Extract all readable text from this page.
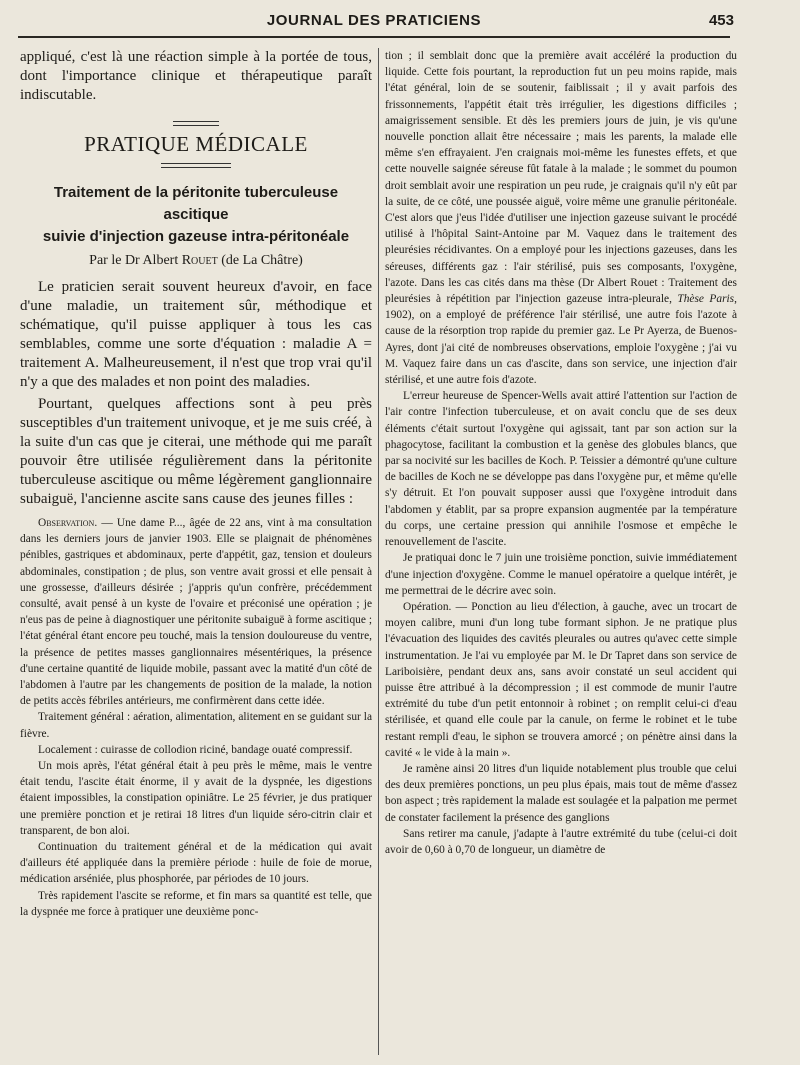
JOURNAL DES PRATICIENS	453

appliqué, c'est là une réaction simple à la portée de tous, dont l'importance clinique et thérapeutique paraît indiscutable.

PRATIQUE MÉDICALE
Traitement de la péritonite tuberculeuse ascitique
suivie d'injection gazeuse intra-péritonéale
Par le Dr Albert Rouet (de La Châtre)

Le praticien serait souvent heureux d'avoir, en face d'une maladie, un traitement sûr, méthodique et schématique, qu'il puisse appliquer à tous les cas semblables, comme une sorte d'équation : maladie A = traitement A. Malheureusement, il n'est que trop vrai qu'il n'y a que des malades et non point des maladies.

Pourtant, quelques affections sont à peu près susceptibles d'un traitement univoque, et je me suis créé, à la suite d'un cas que je citerai, une méthode qui me paraît pouvoir être utilisée régulièrement dans la péritonite tuberculeuse ascitique ou même légèrement ganglionnaire subaiguë, l'ancienne ascite sans cause des jeunes filles :

Observation. — Une dame P..., âgée de 22 ans, vint à ma consultation dans les derniers jours de janvier 1903. Elle se plaignait de phénomènes pénibles, gastriques et abdominaux, perte d'appétit, gaz, tension et douleurs abdominales, constipation ; de plus, son ventre avait grossi et elle pensait à une grossesse, d'ailleurs désirée ; j'appris qu'un confrère, précédemment consulté, avait pensé à un kyste de l'ovaire et préconisé une opération ; je n'eus pas de peine à diagnostiquer une péritonite subaiguë à forme ascitique ; l'état général étant encore peu touché, mais la tension douloureuse du ventre, la présence de petites masses ganglionnaires mésentériques, la présence d'une certaine quantité de liquide mobile, passant avec la matité d'un côté de l'abdomen à l'autre par les changements de position de la malade, la notion de petits accès fébriles antérieurs, me confirmèrent dans cette idée.

Traitement général : aération, alimentation, alitement en se guidant sur la fièvre.

Localement : cuirasse de collodion riciné, bandage ouaté compressif.

Un mois après, l'état général était à peu près le même, mais le ventre était tendu, l'ascite était énorme, il y avait de la dyspnée, les digestions étaient impossibles, la constipation opiniâtre. Le 25 février, je dus pratiquer une première ponction et je retirai 18 litres d'un liquide séro-citrin clair et transparent, de bon aloi.

Continuation du traitement général et de la médication qui avait d'ailleurs été appliquée dans la première période : huile de foie de morue, médication arséniée, plus phosphorée, par périodes de 10 jours.

Très rapidement l'ascite se reforme, et fin mars sa quantité est telle, que la dyspnée me force à pratiquer une deuxième ponc-

tion ; il semblait donc que la première avait accéléré la production du liquide. Cette fois pourtant, la reproduction fut un peu moins rapide, mais l'état général, loin de se soutenir, faiblissait ; il y avait parfois des frissonnements, l'appétit était très irrégulier, les digestions difficiles ; amaigrissement sensible. Et dès les premiers jours de juin, je vis qu'une nouvelle ponction allait être nécessaire ; mais les parents, la malade elle même s'en effrayaient. J'en craignais moi-même les funestes effets, et que cette nouvelle saignée séreuse fût fatale à la malade ; le sommet du poumon droit semblait avoir une respiration un peu rude, je craignais qu'il n'y eût par la suite, de ce côté, une poussée aiguë, voire même une granulie péritonéale. C'est alors que j'eus l'idée d'utiliser une injection gazeuse suivant le procédé utilisé à l'hôpital Saint-Antoine par M. Vaquez dans le traitement des pleurésies récidivantes. On a employé pour les injections gazeuses, dans les séreuses, différents gaz : l'air stérilisé, puis ses composants, l'oxygène, l'azote. Dans les cas cités dans ma thèse (Dr Albert Rouet : Traitement des pleurésies à répétition par l'injection gazeuse intra-pleurale, Thèse Paris, 1902), on a employé de préférence l'air stérilisé, une autre fois l'azote à cause de la résorption trop rapide du premier gaz. Le Pr Ayerza, de Buenos-Ayres, dont j'ai cité de nombreuses observations, emploie l'oxygène ; j'ai vu M. Vaquez faire dans un cas d'ascite, dans son service, une injection d'air stérilisé, et une autre fois d'azote.

L'erreur heureuse de Spencer-Wells avait attiré l'attention sur l'action de l'air contre l'infection tuberculeuse, et on avait conclu que de ses deux éléments c'était surtout l'oxygène qui agissait, tant par son action sur la phagocytose, facilitant la combustion et la genèse des globules blancs, que par sa nocivité sur les bacilles de Koch. P. Teissier a démontré qu'une culture de bacilles de Koch ne se développe pas dans l'oxygène pur, et même qu'elle s'y détruit. Et l'on pouvait supposer aussi que l'oxygène introduit dans l'abdomen y établit, par sa propre expansion augmentée par la température du corps, une certaine pression qui annihile l'osmose et empêche le renouvellement de l'ascite.

Je pratiquai donc le 7 juin une troisième ponction, suivie immédiatement d'une injection d'oxygène. Comme le manuel opératoire a quelque intérêt, je me permettrai de le décrire avec soin.

Opération. — Ponction au lieu d'élection, à gauche, avec un trocart de moyen calibre, muni d'un long tube formant siphon. Je ne pratique plus l'évacuation des liquides des cavités pleurales ou autres qu'avec cette simple instrumentation. Je l'ai vu employée par M. le Dr Tapret dans son service de Lariboisière, pendant deux ans, sans avoir constaté un seul accident qui puisse être attribué à la décompression ; il est commode de munir l'autre extrémité du tube d'un petit entonnoir à robinet ; on remplit celui-ci d'eau stérilisée, et quand elle coule par la canule, on ferme le robinet et le tube restant rempli d'eau, le siphon se trouvera amorcé ; on pénètre ainsi dans la cavité « le vide à la main ».

Je ramène ainsi 20 litres d'un liquide notablement plus trouble que celui des deux premières ponctions, un peu plus épais, mais tout de même d'assez bon aspect ; très rapidement la malade est soulagée et la palpation me permet de constater facilement la présence des ganglions

Sans retirer ma canule, j'adapte à l'autre extrémité du tube (celui-ci doit avoir de 0,60 à 0,70 de longueur, un diamètre de
